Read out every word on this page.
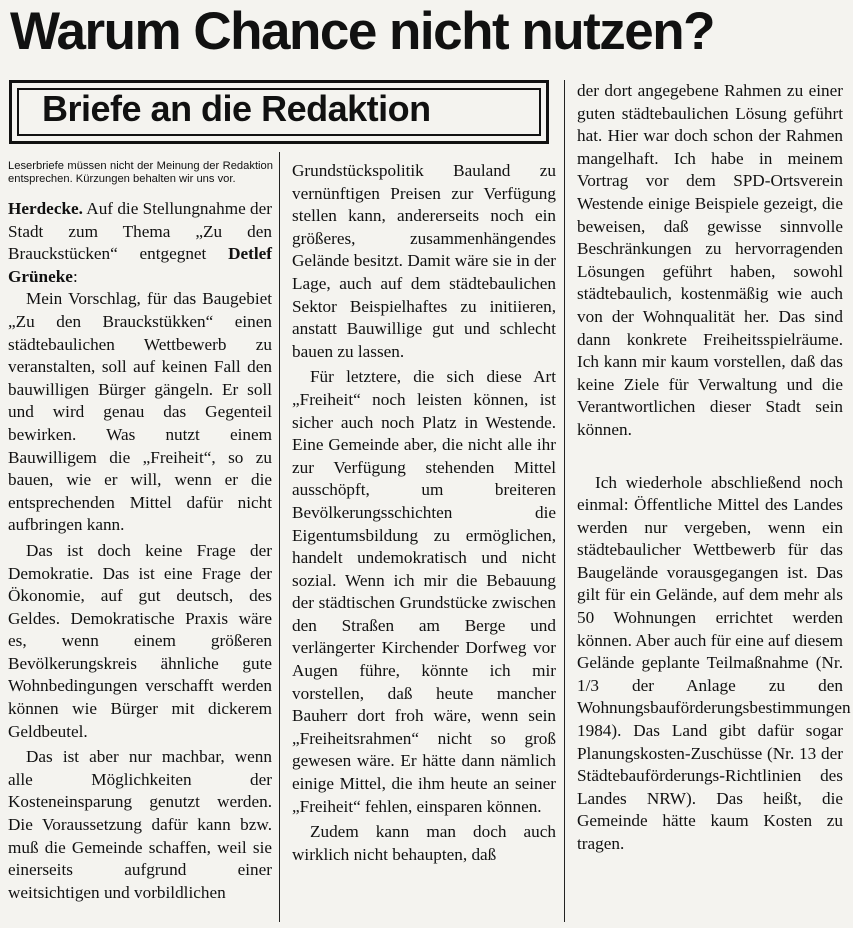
Warum Chance nicht nutzen?
Briefe an die Redaktion
Leserbriefe müssen nicht der Meinung der Redaktion entsprechen. Kürzungen behalten wir uns vor.

Herdecke. Auf die Stellungnahme der Stadt zum Thema „Zu den Brauckstücken“ entgegnet Detlef Grüneke:

Mein Vorschlag, für das Baugebiet „Zu den Brauckstükken“ einen städtebaulichen Wettbewerb zu veranstalten, soll auf keinen Fall den bauwilligen Bürger gängeln. Er soll und wird genau das Gegenteil bewirken. Was nutzt einem Bauwilligem die „Freiheit“, so zu bauen, wie er will, wenn er die entsprechenden Mittel dafür nicht aufbringen kann.

Das ist doch keine Frage der Demokratie. Das ist eine Frage der Ökonomie, auf gut deutsch, des Geldes. Demokratische Praxis wäre es, wenn einem größeren Bevölkerungskreis ähnliche gute Wohnbedingungen verschafft werden können wie Bürger mit dickerem Geldbeutel.

Das ist aber nur machbar, wenn alle Möglichkeiten der Kosteneinsparung genutzt werden. Die Voraussetzung dafür kann bzw. muß die Gemeinde schaffen, weil sie einerseits aufgrund einer weitsichtigen und vorbildlichen

Grundstückspolitik Bauland zu vernünftigen Preisen zur Verfügung stellen kann, andererseits noch ein größeres, zusammenhängendes Gelände besitzt. Damit wäre sie in der Lage, auch auf dem städtebaulichen Sektor Beispielhaftes zu initiieren, anstatt Bauwillige gut und schlecht bauen zu lassen.

Für letztere, die sich diese Art „Freiheit“ noch leisten können, ist sicher auch noch Platz in Westende. Eine Gemeinde aber, die nicht alle ihr zur Verfügung stehenden Mittel ausschöpft, um breiteren Bevölkerungsschichten die Eigentumsbildung zu ermöglichen, handelt undemokratisch und nicht sozial. Wenn ich mir die Bebauung der städtischen Grundstücke zwischen den Straßen am Berge und verlängerter Kirchender Dorfweg vor Augen führe, könnte ich mir vorstellen, daß heute mancher Bauherr dort froh wäre, wenn sein „Freiheitsrahmen“ nicht so groß gewesen wäre. Er hätte dann nämlich einige Mittel, die ihm heute an seiner „Freiheit“ fehlen, einsparen können.

Zudem kann man doch auch wirklich nicht behaupten, daß

der dort angegebene Rahmen zu einer guten städtebaulichen Lösung geführt hat. Hier war doch schon der Rahmen mangelhaft. Ich habe in meinem Vortrag vor dem SPD-Ortsverein Westende einige Beispiele gezeigt, die beweisen, daß gewisse sinnvolle Beschränkungen zu hervorragenden Lösungen geführt haben, sowohl städtebaulich, kostenmäßig wie auch von der Wohnqualität her. Das sind dann konkrete Freiheitsspielräume. Ich kann mir kaum vorstellen, daß das keine Ziele für Verwaltung und die Verantwortlichen dieser Stadt sein können.

Ich wiederhole abschließend noch einmal: Öffentliche Mittel des Landes werden nur vergeben, wenn ein städtebaulicher Wettbewerb für das Baugelände vorausgegangen ist. Das gilt für ein Gelände, auf dem mehr als 50 Wohnungen errichtet werden können. Aber auch für eine auf diesem Gelände geplante Teilmaßnahme (Nr. 1/3 der Anlage zu den Wohnungsbauförderungsbestimmungen 1984). Das Land gibt dafür sogar Planungskosten-Zuschüsse (Nr. 13 der Städtebauförderungs-Richtlinien des Landes NRW). Das heißt, die Gemeinde hätte kaum Kosten zu tragen.
